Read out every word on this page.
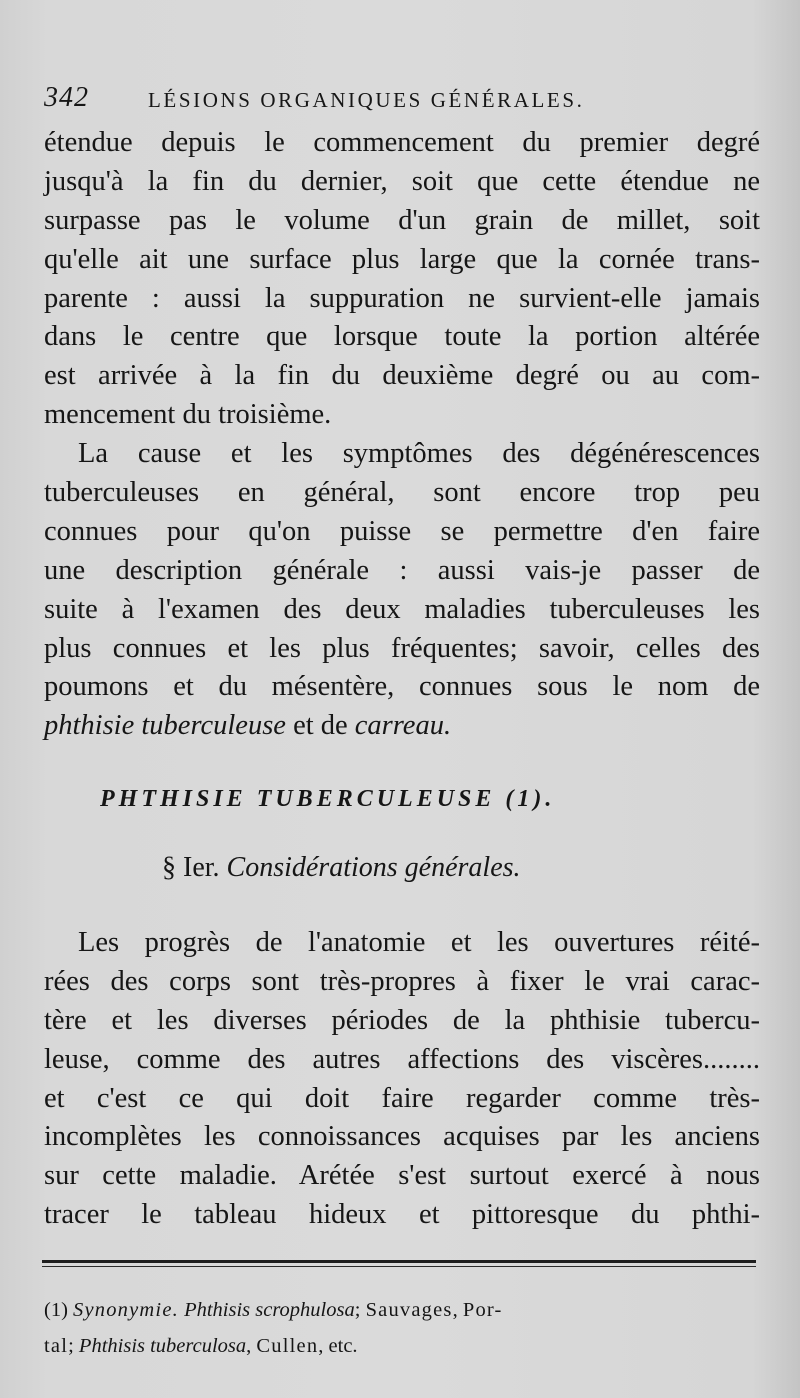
342	LÉSIONS ORGANIQUES GÉNÉRALES.
étendue depuis le commencement du premier degré
jusqu'à la fin du dernier, soit que cette étendue ne
surpasse pas le volume d'un grain de millet, soit
qu'elle ait une surface plus large que la cornée trans-
parente : aussi la suppuration ne survient-elle jamais
dans le centre que lorsque toute la portion altérée
est arrivée à la fin du deuxième degré ou au com-
mencement du troisième.
La cause et les symptômes des dégénérescences
tuberculeuses en général, sont encore trop peu
connues pour qu'on puisse se permettre d'en faire
une description générale : aussi vais-je passer de
suite à l'examen des deux maladies tuberculeuses les
plus connues et les plus fréquentes; savoir, celles des
poumons et du mésentère, connues sous le nom de
phthisie tuberculeuse et de carreau.
PHTHISIE TUBERCULEUSE (1).
§ Ier. Considérations générales.
Les progrès de l'anatomie et les ouvertures réité-
rées des corps sont très-propres à fixer le vrai carac-
tère et les diverses périodes de la phthisie tubercu-
leuse, comme des autres affections des viscères........
et c'est ce qui doit faire regarder comme très-
incomplètes les connoissances acquises par les anciens
sur cette maladie. Arétée s'est surtout exercé à nous
tracer le tableau hideux et pittoresque du phthi-
(1) Synonymie. Phthisis scrophulosa; Sauvages, Por-
tal; Phthisis tuberculosa, Cullen, etc.
